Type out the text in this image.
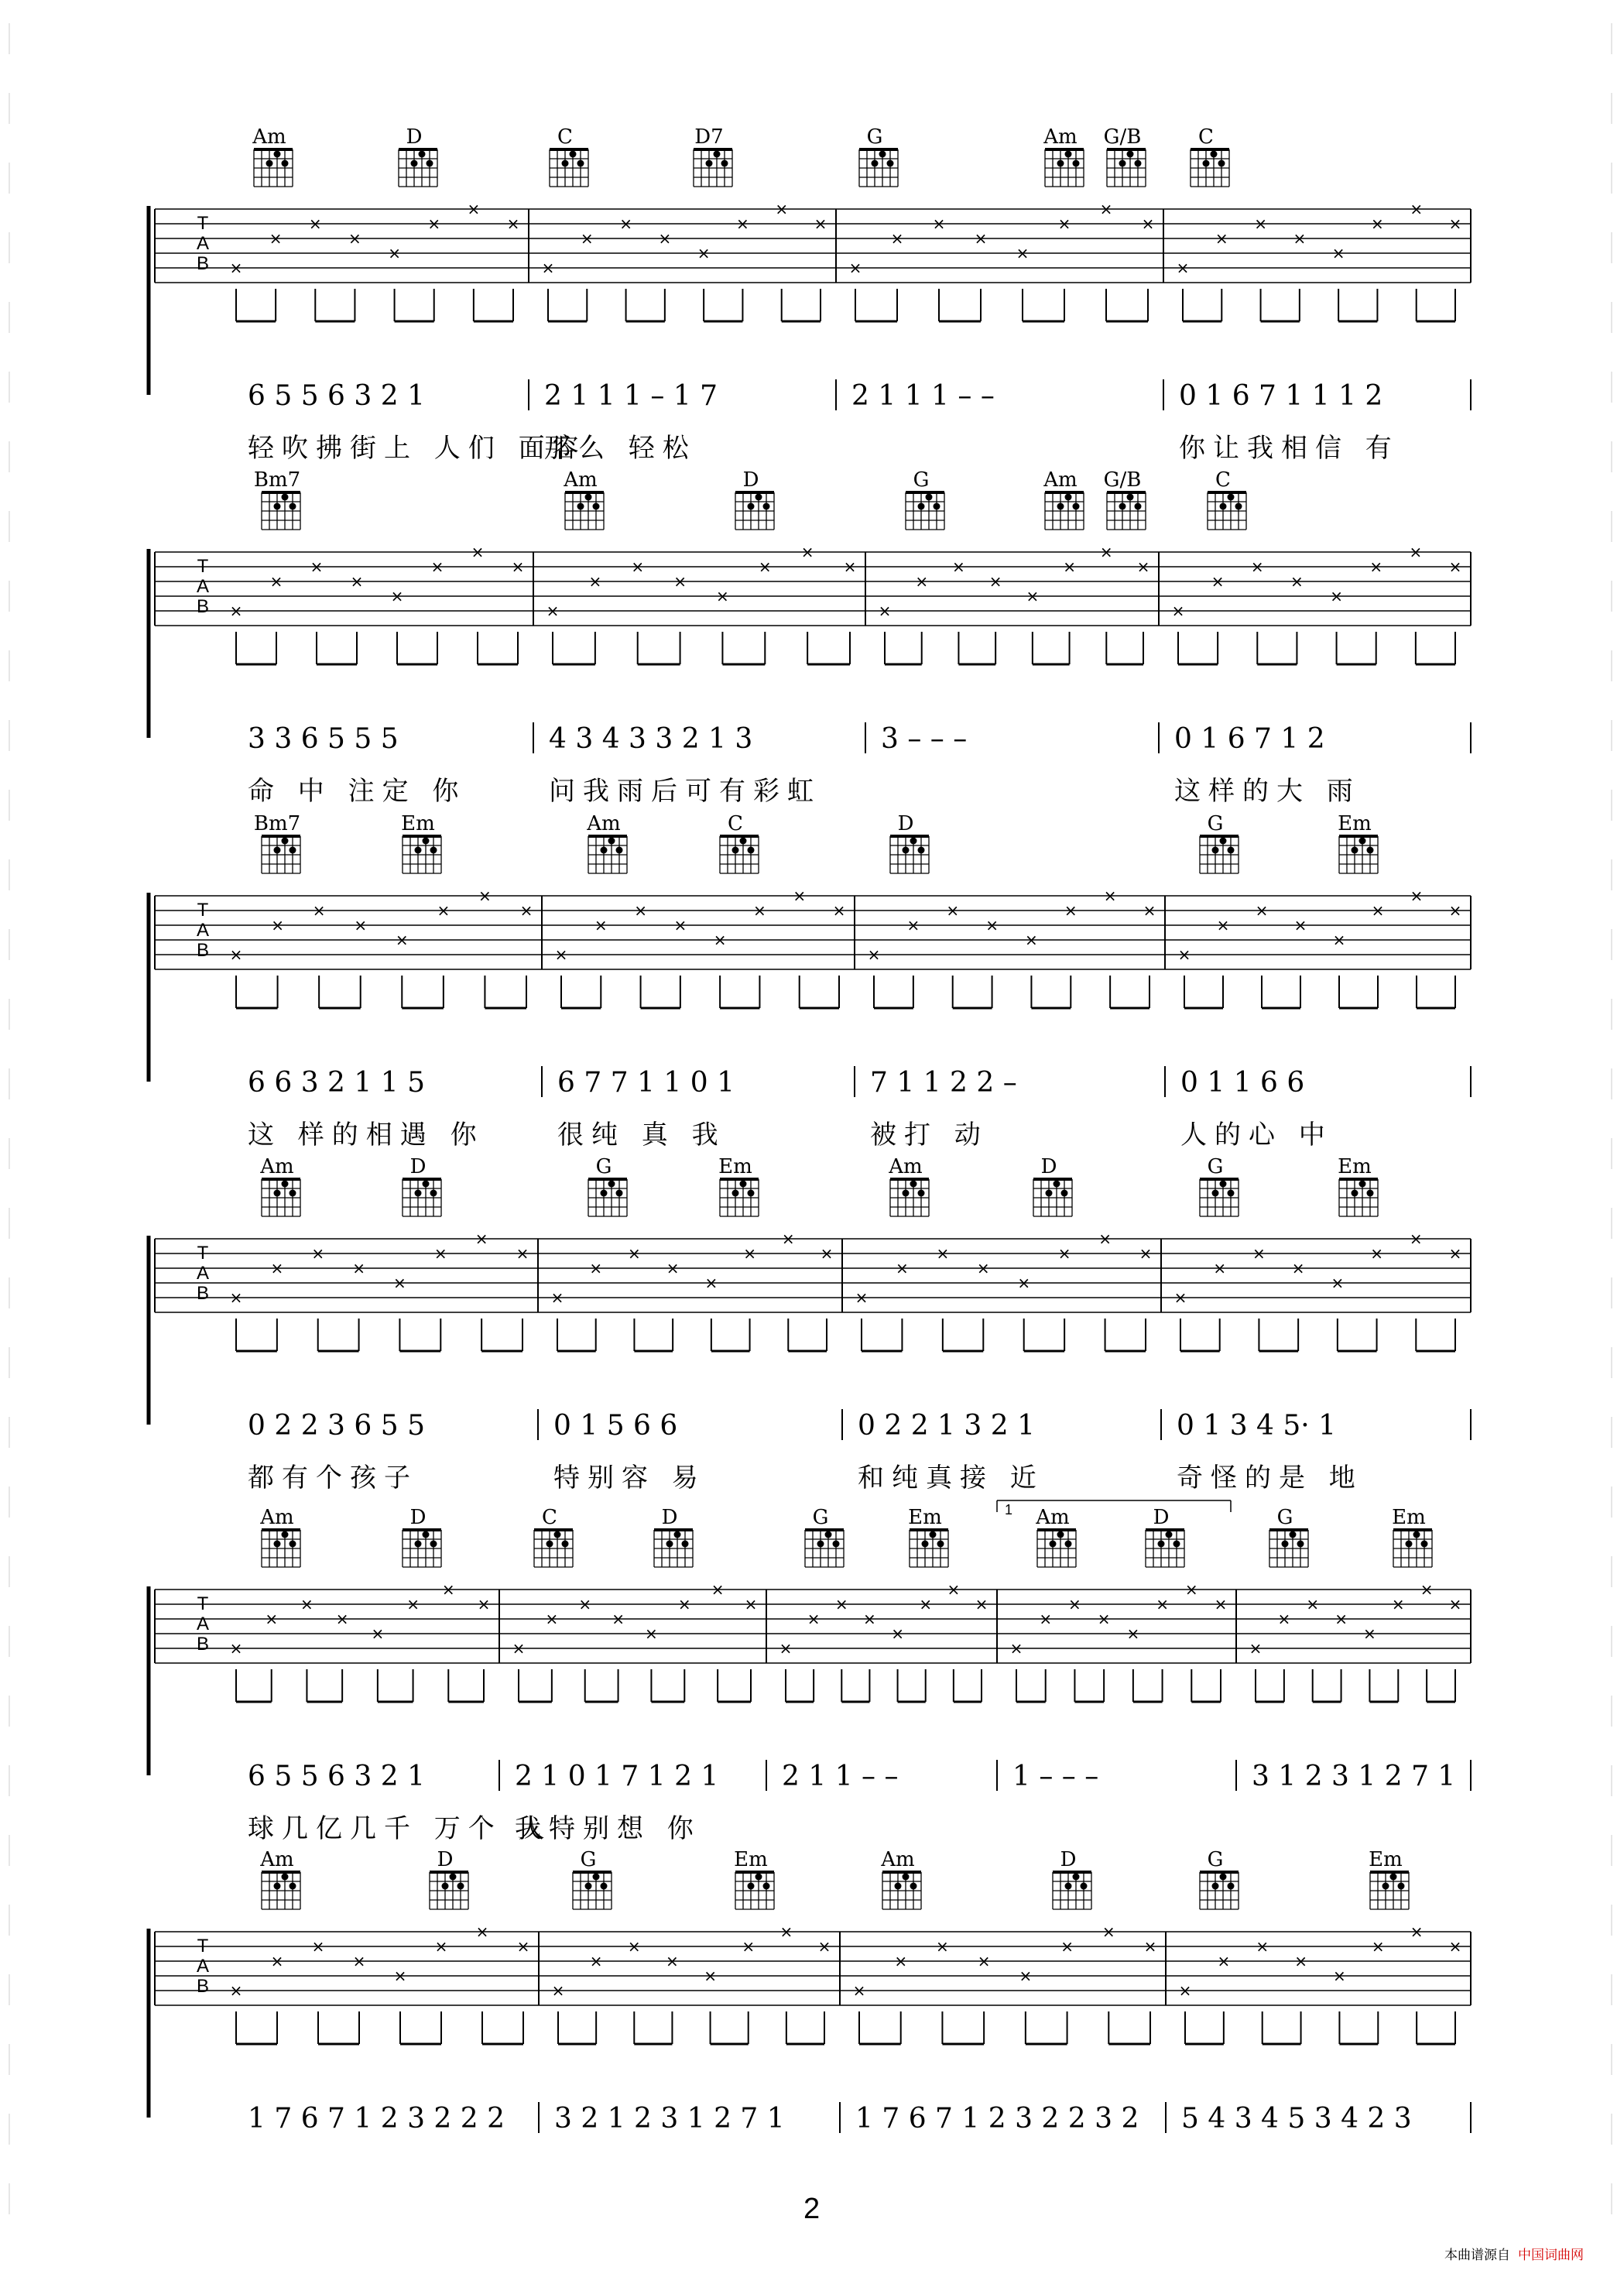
Am	D	C	D7	G	Am G/B	C
T
A
B ×
×
×
×
×
×
×
×
×
×
×
×
×
×
×
×
×
×
×
×
×
×
×
×
×
×
×
×
×
×
×
×
6 5 5 6 3 2 1	2 1 1 1 – 1 7	2 1 1 1 – –	0 1 6 7 1 1 1 2
轻吹拂街上 人们 面容
那么 轻松	你让我相信 有
Bm7	Am	D	G	Am G/B	C
T
A
B ×
×
×
×
×
×
×
×
×
×
×
×
×
×
×
×
×
×
×
×
×
×
×
×
×
×
×
×
×
×
×
×
3 3 6 5 5 5	4 3 4 3 3 2 1 3	3 – – –	0 1 6 7 1 2
命 中 注定 你	问我雨后可有彩虹	这样的大 雨
Bm7	Em	Am	C	D	G	Em
T
A
B ×
×
×
×
×
×
×
×
×
×
×
×
×
×
×
×
×
×
×
×
×
×
×
×
×
×
×
×
×
×
×
×
6 6 3 2 1 1 5	6 7 7 1 1 0 1	7 1 1 2 2 –	0 1 1 6 6
这 样的相遇 你	很纯 真 我	被打 动	人的心 中
Am	D	G	Em	Am	D	G	Em
T
A
B ×
×
×
×
×
×
×
×
×
×
×
×
×
×
×
×
×
×
×
×
×
×
×
×
×
×
×
×
×
×
×
×
0 2 2 3 6 5 5	0 1 5 6 6	0 2 2 1 3 2 1	0 1 3 4 5· 1
都有个孩子	特别容 易	和纯真接 近	奇怪的是 地
Am	D	C	D	G	Em	Am	D	G	Em
T
A
B ×
×
×
×
×
×
×
×
×
×
×
×
×
×
×
×
×
×
×
×
×
×
×
×
×
×
×
×
×
×
×
×
×
×
×
×
×
×
×
×
6 5 5 6 3 2 1	2 1 0 1 7 1 2 1 2 1 1 – –	1 – – –	3 1 2 3 1 2 7 1
球几亿几千 万个 人
我特别想 你
1
Am	D	G	Em	Am	D	G	Em
T
A
B ×
×
×
×
×
×
×
×
×
×
×
×
×
×
×
×
×
×
×
×
×
×
×
×
×
×
×
×
×
×
×
×
1 7 6 7 1 2 3 2 2 2 3 2 1 2 3 1 2 7 1	1 7 6 7 1 2 3 2 2 3 2 5 4 3 4 5 3 4 2 3
2
本曲谱源自 中国词曲网
